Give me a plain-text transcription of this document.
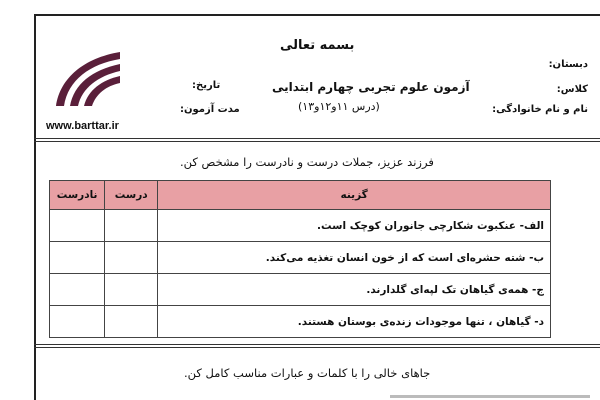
بسمه تعالی
آزمون علوم تجربی چهارم ابتدایی
(درس ۱۱و۱۲و۱۳)
دبستان:
کلاس:
نام و نام خانوادگی:
تاریخ:
مدت آزمون:
www.barttar.ir
فرزند عزیز، جملات درست و نادرست را مشخص کن.
گزینه	درست	نادرست
الف- عنکبوت شکارچی جانوران کوچک است.		
ب- شته حشره‌ای است که از خون انسان تغذیه می‌کند.		
ج- همه‌ی گیاهان تک لپه‌ای گلدارند.		
د- گیاهان ، تنها موجودات زنده‌ی بوستان هستند.		
جاهای خالی را با کلمات و عبارات مناسب کامل کن.
